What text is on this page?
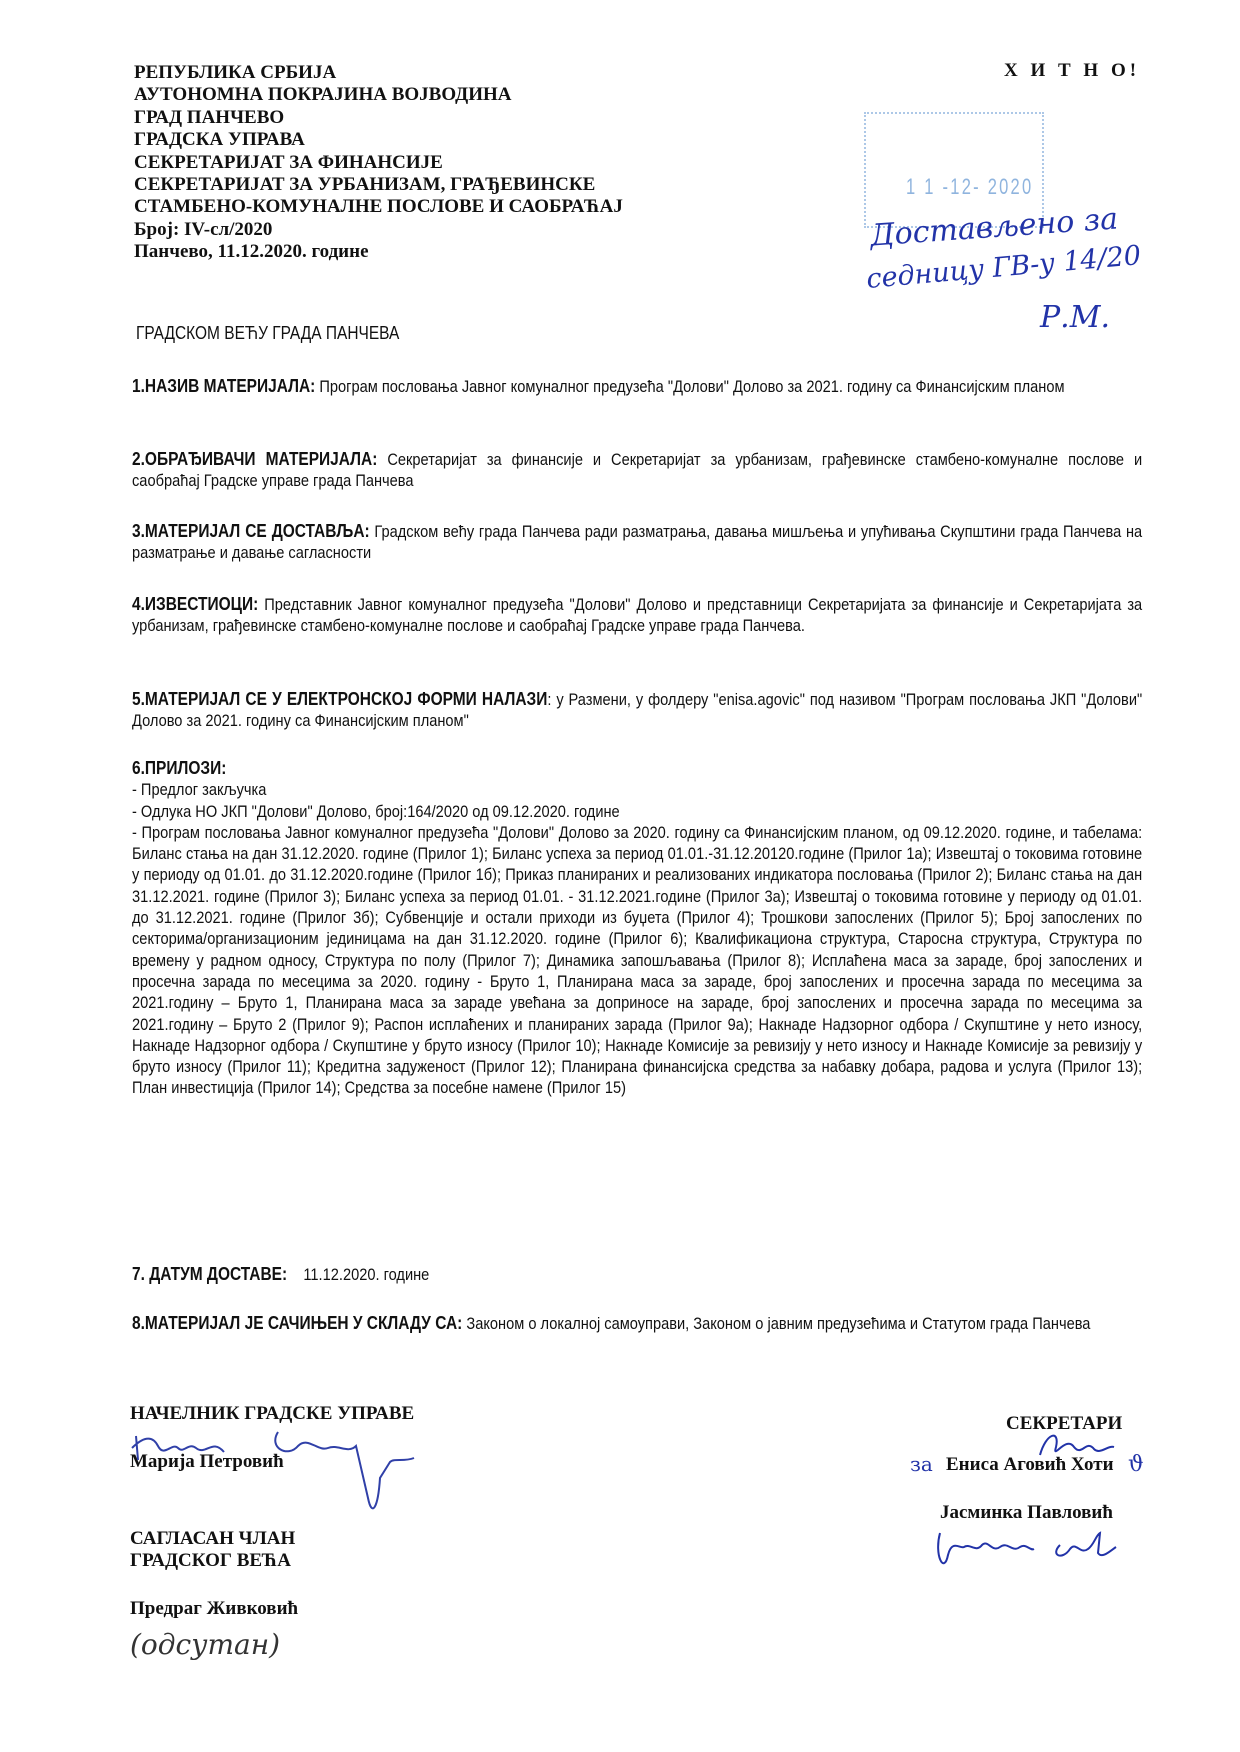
РЕПУБЛИКА СРБИЈА
АУТОНОМНА ПОКРАЈИНА ВОЈВОДИНА
ГРАД ПАНЧЕВО
ГРАДСКА УПРАВА
СЕКРЕТАРИЈАТ ЗА ФИНАНСИЈЕ
СЕКРЕТАРИЈАТ ЗА УРБАНИЗАМ, ГРАЂЕВИНСКЕ
СТАМБЕНО-КОМУНАЛНЕ ПОСЛОВЕ И САОБРАЋАЈ
Број: IV-сл/2020
Панчево, 11.12.2020. године
Х И Т Н О!
1 1 -12- 2020
Достављено за
седницу ГВ-у 14/20
Р.М.
ГРАДСКОМ ВЕЋУ ГРАДА ПАНЧЕВА
1.НАЗИВ МАТЕРИЈАЛА: Програм пословања Јавног комуналног предузећа "Долови" Долово за 2021. годину са Финансијским планом
2.ОБРАЂИВАЧИ МАТЕРИЈАЛА: Секретаријат за финансије и Секретаријат за урбанизам, грађевинске стамбено-комуналне послове и саобраћај Градске управе града Панчева
3.МАТЕРИЈАЛ СЕ ДОСТАВЉА: Градском већу града Панчева ради разматрања, давања мишљења и упућивања Скупштини града Панчева на разматрање и давање сагласности
4.ИЗВЕСТИОЦИ: Представник Јавног комуналног предузећа "Долови" Долово и представници Секретаријата за финансије и Секретаријата за урбанизам, грађевинске стамбено-комуналне послове и саобраћај Градске управе града Панчева.
5.МАТЕРИЈАЛ СЕ У ЕЛЕКТРОНСКОЈ ФОРМИ НАЛАЗИ: у Размени, у фолдеру "enisa.agovic" под називом "Програм пословања ЈКП "Долови" Долово за 2021. годину са Финансијским планом"
6.ПРИЛОЗИ:
- Предлог закључка
- Одлука НО ЈКП "Долови" Долово, број:164/2020 од 09.12.2020. године
- Програм пословања Јавног комуналног предузећа "Долови" Долово за 2020. годину са Финансијским планом, од 09.12.2020. године, и табелама: Биланс стања на дан 31.12.2020. године (Прилог 1); Биланс успеха за период 01.01.-31.12.20120.године (Прилог 1а); Извештај о токовима готовине у периоду од 01.01. до 31.12.2020.године (Прилог 1б); Приказ планираних и реализованих индикатора пословања (Прилог 2); Биланс стања на дан 31.12.2021. године (Прилог 3); Биланс успеха за период 01.01. - 31.12.2021.године (Прилог 3а); Извештај о токовима готовине у периоду од 01.01. до 31.12.2021. године (Прилог 3б); Субвенције и остали приходи из буџета (Прилог 4); Трошкови запослених (Прилог 5); Број запослених по секторима/организационим јединицама на дан 31.12.2020. године (Прилог 6); Квалификациона структура, Старосна структура, Структура по времену у радном односу, Структура по полу (Прилог 7); Динамика запошљавања (Прилог 8); Исплаћена маса за зараде, број запослених и просечна зарада по месецима за 2020. годину - Бруто 1, Планирана маса за зараде, број запослених и просечна зарада по месецима за 2021.годину – Бруто 1, Планирана маса за зараде увећана за доприносе на зараде, број запослених и просечна зарада по месецима за 2021.годину – Бруто 2 (Прилог 9); Распон исплаћених и планираних зарада (Прилог 9а); Накнаде Надзорног одбора / Скупштине у нето износу, Накнаде Надзорног одбора / Скупштине у бруто износу (Прилог 10); Накнаде Комисије за ревизију у нето износу и Накнаде Комисије за ревизију у бруто износу (Прилог 11); Кредитна задуженост (Прилог 12); Планирана финансијска средства за набавку добара, радова и услуга (Прилог 13); План инвестиција (Прилог 14); Средства за посебне намене (Прилог 15)
7. ДАТУМ ДОСТАВЕ: 11.12.2020. године
8.МАТЕРИЈАЛ ЈЕ САЧИЊЕН У СКЛАДУ СА: Законом о локалној самоуправи, Законом о јавним предузећима и Статутом града Панчева
НАЧЕЛНИК ГРАДСКЕ УПРАВЕ
Марија Петровић
САГЛАСАН ЧЛАН
ГРАДСКОГ ВЕЋА
Предраг Живковић
(одсутан)
СЕКРЕТАРИ
за Ениса Аговић Хоти ϑ
Јасминка Павловић
